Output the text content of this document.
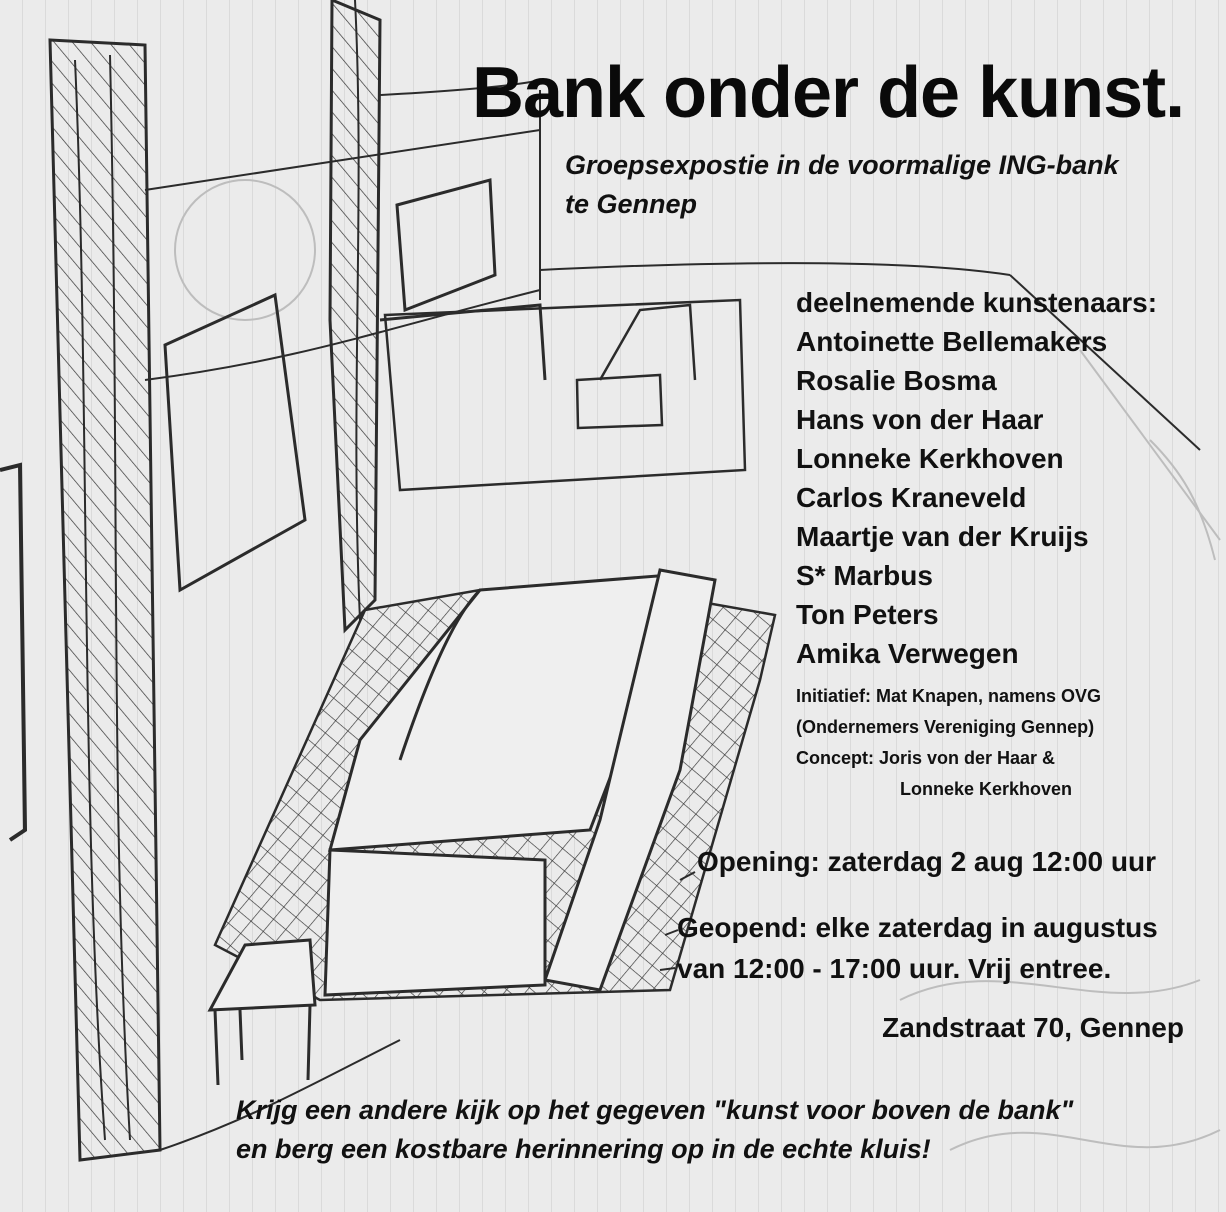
Bank onder de kunst.
Groepsexpostie in de voormalige ING-bank
te Gennep
deelnemende kunstenaars:
Antoinette Bellemakers
Rosalie Bosma
Hans von der Haar
Lonneke Kerkhoven
Carlos Kraneveld
Maartje van der Kruijs
S* Marbus
Ton Peters
Amika Verwegen
Initiatief: Mat Knapen, namens OVG
(Ondernemers Vereniging Gennep)
Concept: Joris von der Haar &
Lonneke Kerkhoven
Opening: zaterdag 2 aug 12:00 uur
Geopend: elke zaterdag in augustus
van 12:00 - 17:00 uur. Vrij entree.
Zandstraat 70, Gennep
Krijg een andere kijk op het gegeven "kunst voor boven de bank"
en berg een kostbare herinnering op in de echte kluis!
